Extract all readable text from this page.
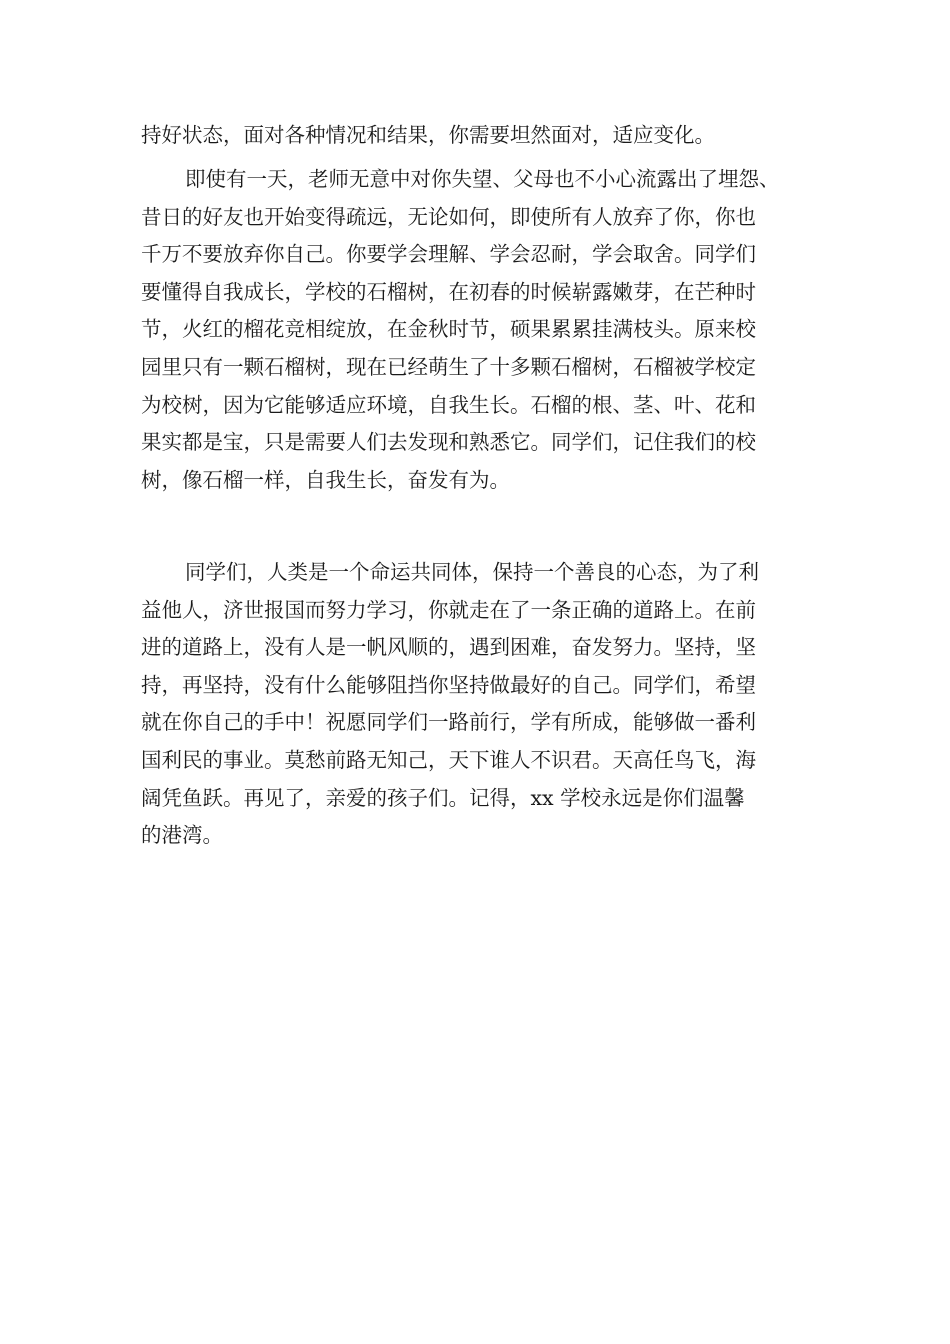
持好状态，面对各种情况和结果，你需要坦然面对，适应变化。
即使有一天，老师无意中对你失望、父母也不小心流露出了埋怨、
昔日的好友也开始变得疏远，无论如何，即使所有人放弃了你，你也
千万不要放弃你自己。你要学会理解、学会忍耐，学会取舍。同学们
要懂得自我成长，学校的石榴树，在初春的时候崭露嫩芽，在芒种时
节，火红的榴花竞相绽放，在金秋时节，硕果累累挂满枝头。原来校
园里只有一颗石榴树，现在已经萌生了十多颗石榴树，石榴被学校定
为校树，因为它能够适应环境，自我生长。石榴的根、茎、叶、花和
果实都是宝，只是需要人们去发现和熟悉它。同学们，记住我们的校
树，像石榴一样，自我生长，奋发有为。
同学们，人类是一个命运共同体，保持一个善良的心态，为了利
益他人，济世报国而努力学习，你就走在了一条正确的道路上。在前
进的道路上，没有人是一帆风顺的，遇到困难，奋发努力。坚持，坚
持，再坚持，没有什么能够阻挡你坚持做最好的自己。同学们，希望
就在你自己的手中！祝愿同学们一路前行，学有所成，能够做一番利
国利民的事业。莫愁前路无知己，天下谁人不识君。天高任鸟飞，海
阔凭鱼跃。再见了，亲爱的孩子们。记得，xx 学校永远是你们温馨
的港湾。
